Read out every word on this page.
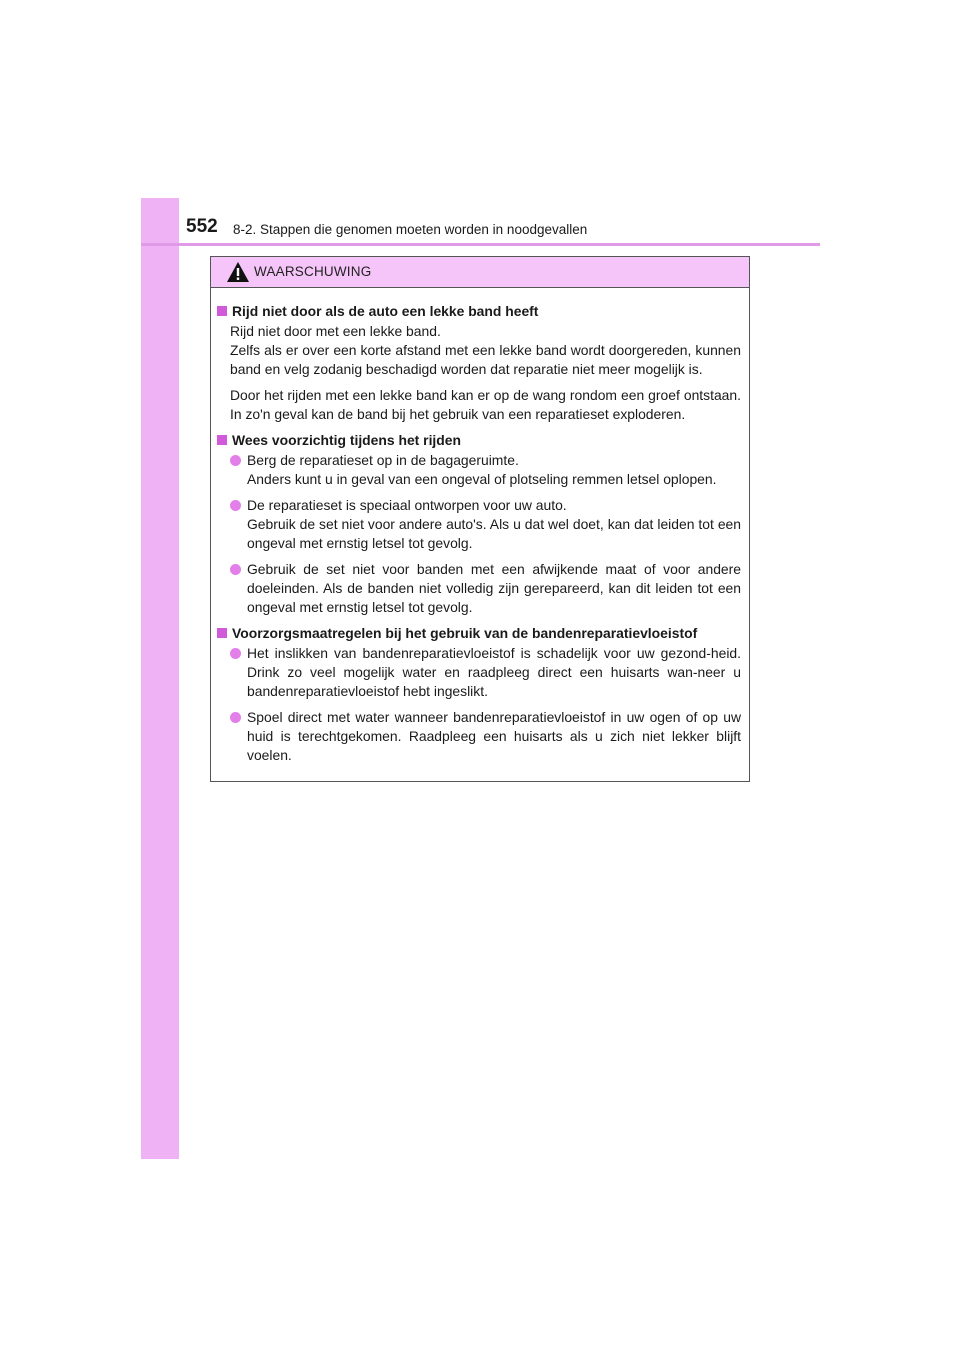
552 8-2. Stappen die genomen moeten worden in noodgevallen
WAARSCHUWING
Rijd niet door als de auto een lekke band heeft
Rijd niet door met een lekke band.
Zelfs als er over een korte afstand met een lekke band wordt doorgereden, kunnen band en velg zodanig beschadigd worden dat reparatie niet meer mogelijk is.
Door het rijden met een lekke band kan er op de wang rondom een groef ontstaan. In zo'n geval kan de band bij het gebruik van een reparatieset exploderen.
Wees voorzichtig tijdens het rijden
Berg de reparatieset op in de bagageruimte.
Anders kunt u in geval van een ongeval of plotseling remmen letsel oplopen.
De reparatieset is speciaal ontworpen voor uw auto.
Gebruik de set niet voor andere auto's. Als u dat wel doet, kan dat leiden tot een ongeval met ernstig letsel tot gevolg.
Gebruik de set niet voor banden met een afwijkende maat of voor andere doeleinden. Als de banden niet volledig zijn gerepareerd, kan dit leiden tot een ongeval met ernstig letsel tot gevolg.
Voorzorgsmaatregelen bij het gebruik van de bandenreparatievloeistof
Het inslikken van bandenreparatievloeistof is schadelijk voor uw gezond-heid. Drink zo veel mogelijk water en raadpleeg direct een huisarts wan-neer u bandenreparatievloeistof hebt ingeslikt.
Spoel direct met water wanneer bandenreparatievloeistof in uw ogen of op uw huid is terechtgekomen. Raadpleeg een huisarts als u zich niet lekker blijft voelen.
